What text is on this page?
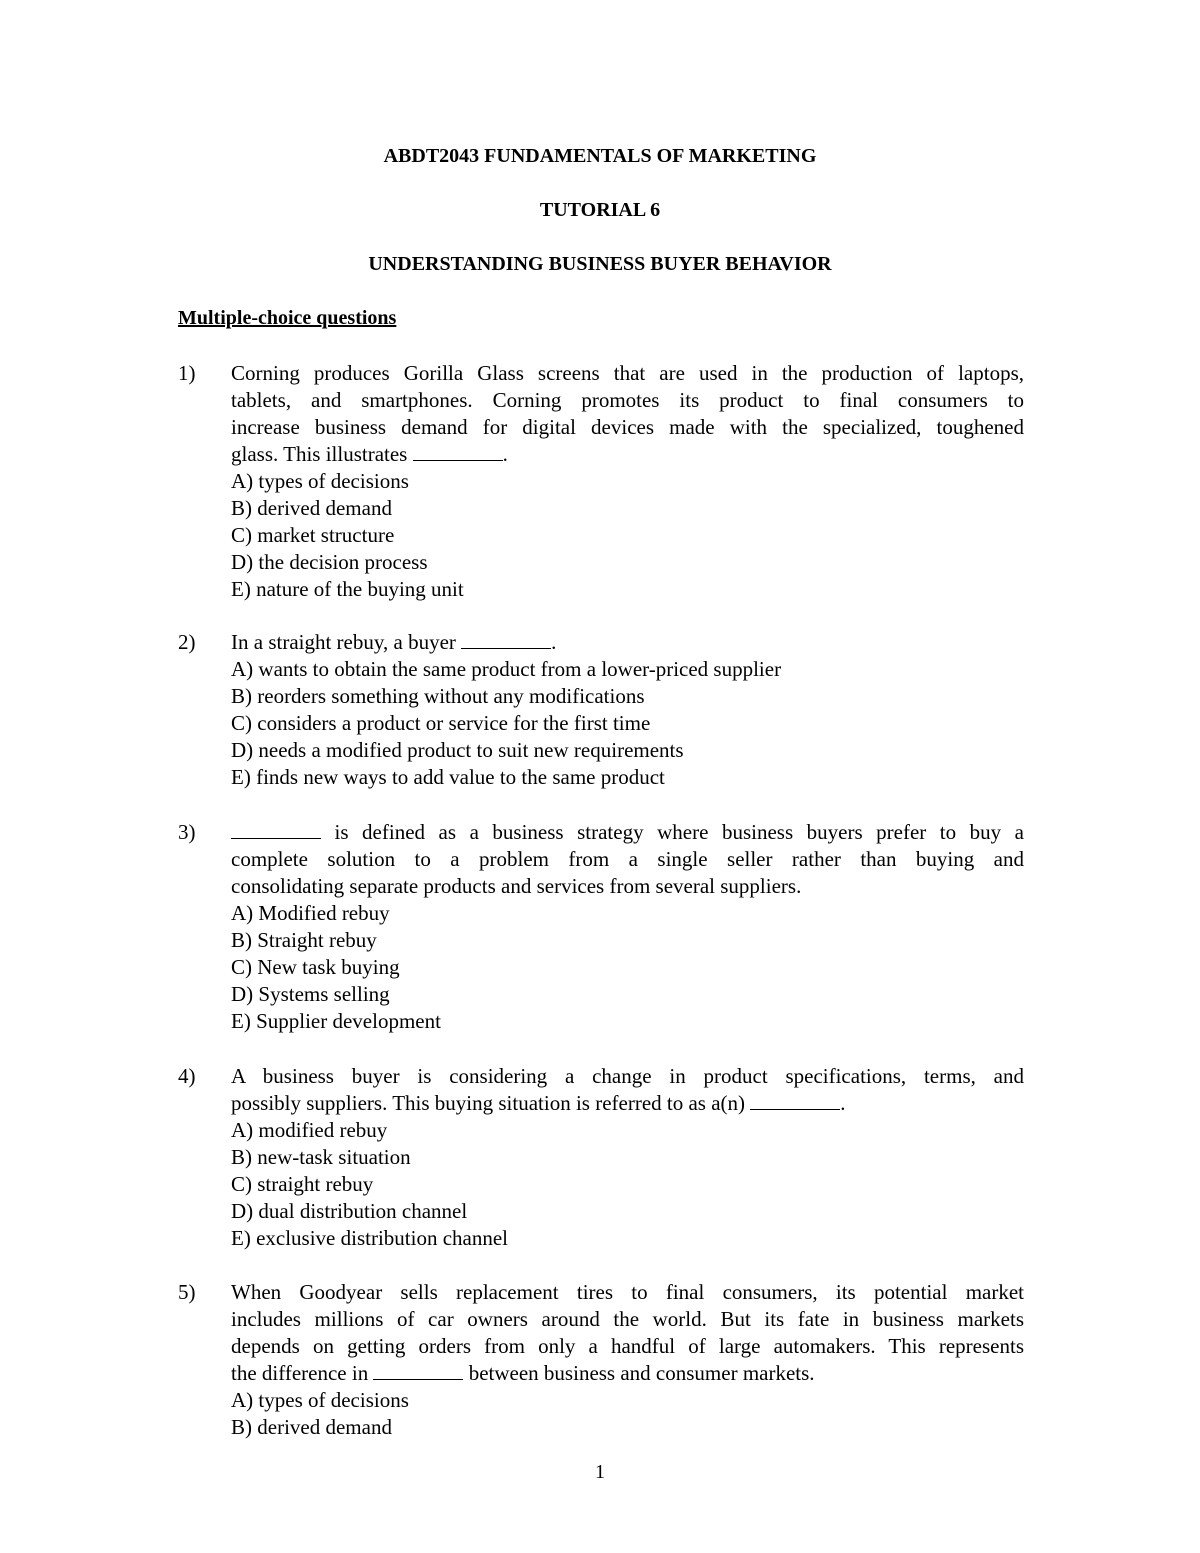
ABDT2043 FUNDAMENTALS OF MARKETING
TUTORIAL 6
UNDERSTANDING BUSINESS BUYER BEHAVIOR
Multiple-choice questions
1) Corning produces Gorilla Glass screens that are used in the production of laptops,
tablets, and smartphones. Corning promotes its product to final consumers to
increase business demand for digital devices made with the specialized, toughened
glass. This illustrates	.
A) types of decisions
B) derived demand
C) market structure
D) the decision process
E) nature of the buying unit
2) In a straight rebuy, a buyer	.
A) wants to obtain the same product from a lower-priced supplier
B) reorders something without any modifications
C) considers a product or service for the first time
D) needs a modified product to suit new requirements
E) finds new ways to add value to the same product
3)	is defined as a business strategy where business buyers prefer to buy a
complete solution to a problem from a single seller rather than buying and
consolidating separate products and services from several suppliers.
A) Modified rebuy
B) Straight rebuy
C) New task buying
D) Systems selling
E) Supplier development
4) A business buyer is considering a change in product specifications, terms, and
possibly suppliers. This buying situation is referred to as a(n)	.
A) modified rebuy
B) new-task situation
C) straight rebuy
D) dual distribution channel
E) exclusive distribution channel
5) When Goodyear sells replacement tires to final consumers, its potential market
includes millions of car owners around the world. But its fate in business markets
depends on getting orders from only a handful of large automakers. This represents
the difference in	between business and consumer markets.
A) types of decisions
B) derived demand
1
